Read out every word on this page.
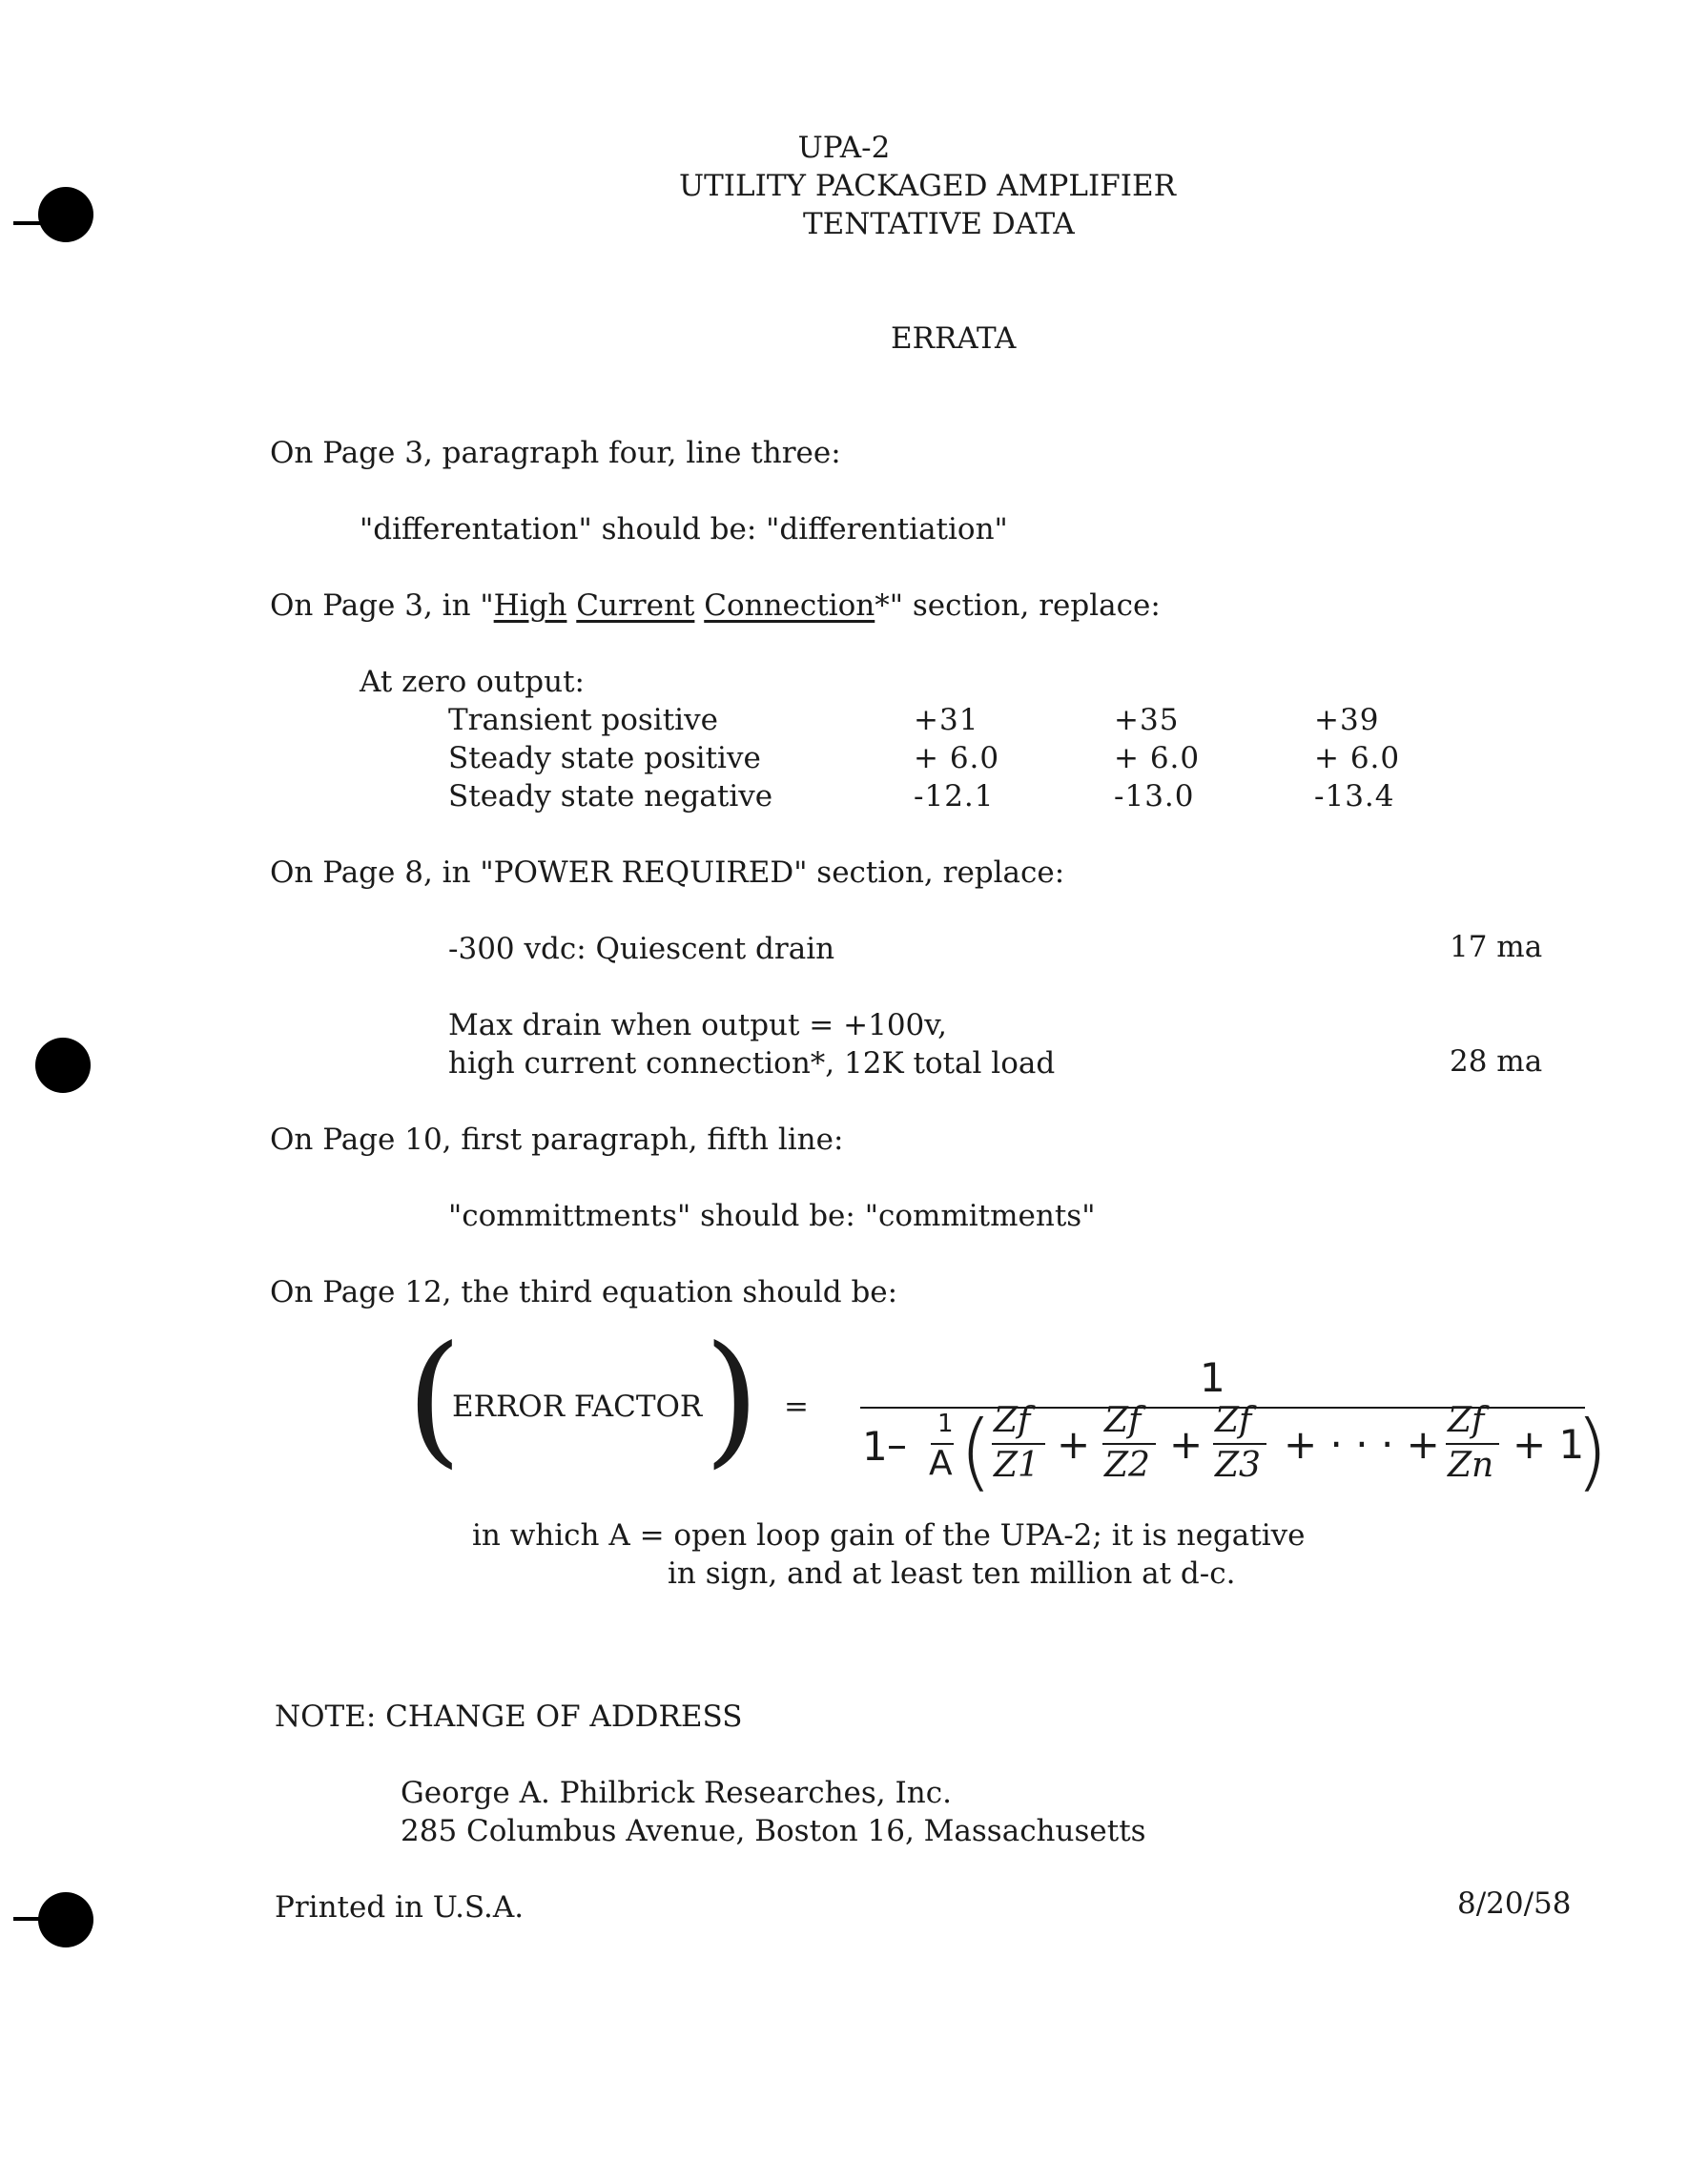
UPA-2
UTILITY PACKAGED AMPLIFIER
TENTATIVE DATA
ERRATA
On Page 3, paragraph four, line three:
"differentation" should be: "differentiation"
On Page 3, in "High Current Connection*" section, replace:
At zero output:
Transient positive	+31	+35	+39
Steady state positive	+ 6.0	+ 6.0	+ 6.0
Steady state negative	-12.1	-13.0	-13.4
On Page 8, in "POWER REQUIRED" section, replace:
-300 vdc: Quiescent drain	17 ma
Max drain when output = +100v,
high current connection*, 12K total load	28 ma
On Page 10, first paragraph, fifth line:
"committments" should be: "commitments"
On Page 12, the third equation should be:
(
ERROR FACTOR ) =
1
1 – 1
A ( Zf
Z1 +
Zf
Z2 +
Zf
Z3 + · · · +
Zf
Zn + 1
)
in which A = open loop gain of the UPA-2; it is negative
in sign, and at least ten million at d-c.
NOTE: CHANGE OF ADDRESS
George A. Philbrick Researches, Inc.
285 Columbus Avenue, Boston 16, Massachusetts
Printed in U.S.A.	8/20/58
